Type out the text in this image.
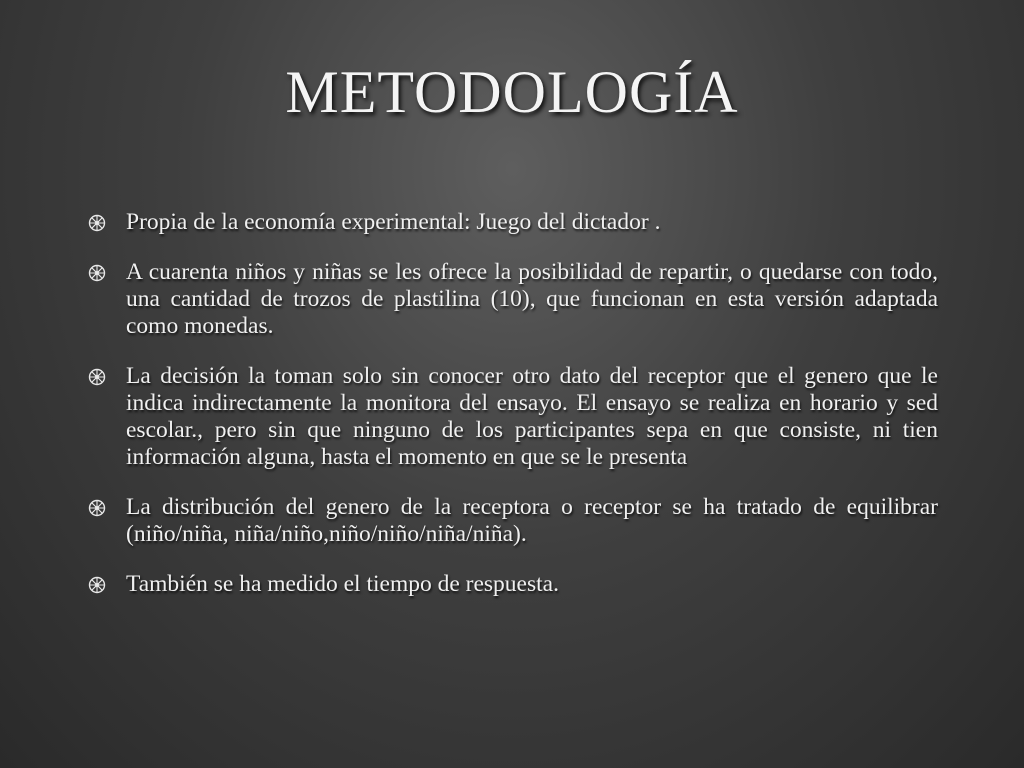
METODOLOGÍA
Propia de la economía experimental: Juego del dictador .
A cuarenta niños y niñas se les ofrece la posibilidad de repartir, o quedarse con todo, una cantidad de trozos de plastilina (10), que funcionan en esta versión adaptada como monedas.
La decisión la toman solo sin conocer otro dato del receptor que el genero que le indica indirectamente la monitora del ensayo. El ensayo se realiza en horario y sed escolar., pero sin que ninguno de los participantes sepa en que consiste, ni tien información alguna, hasta el momento en que se le presenta
La distribución del genero de la receptora o receptor se ha tratado de equilibrar (niño/niña, niña/niño,niño/niño/niña/niña).
También se ha medido el tiempo de respuesta.
